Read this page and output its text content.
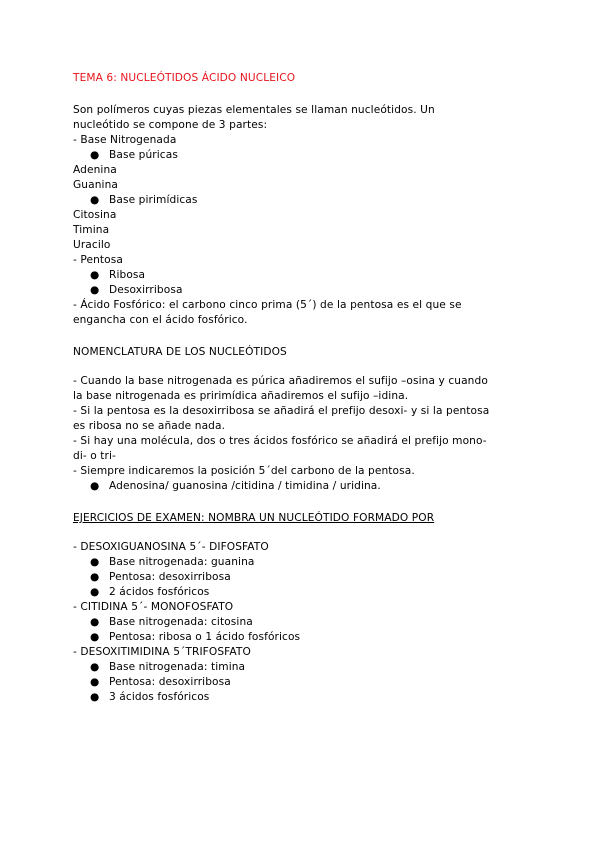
TEMA 6: NUCLEÓTIDOS ÁCIDO NUCLEICO
Son polímeros cuyas piezas elementales se llaman nucleótidos. Un
nucleótido se compone de 3 partes:
- Base Nitrogenada
● Base púricas
Adenina
Guanina
● Base pirimídicas
Citosina
Timina
Uracilo
- Pentosa
● Ribosa
● Desoxirribosa
- Ácido Fosfórico: el carbono cinco prima (5´) de la pentosa es el que se
engancha con el ácido fosfórico.
NOMENCLATURA DE LOS NUCLEÓTIDOS
- Cuando la base nitrogenada es púrica añadiremos el sufijo –osina y cuando
la base nitrogenada es pririmídica añadiremos el sufijo –idina.
- Si la pentosa es la desoxirribosa se añadirá el prefijo desoxi- y si la pentosa
es ribosa no se añade nada.
- Si hay una molécula, dos o tres ácidos fosfórico se añadirá el prefijo mono-
di- o tri-
- Siempre indicaremos la posición 5´del carbono de la pentosa.
● Adenosina/ guanosina /citidina / timidina / uridina.
EJERCICIOS DE EXAMEN: NOMBRA UN NUCLEÓTIDO FORMADO POR
- DESOXIGUANOSINA 5´- DIFOSFATO
● Base nitrogenada: guanina
● Pentosa: desoxirribosa
● 2 ácidos fosfóricos
- CITIDINA 5´- MONOFOSFATO
● Base nitrogenada: citosina
● Pentosa: ribosa o 1 ácido fosfóricos
- DESOXITIMIDINA 5´TRIFOSFATO
● Base nitrogenada: timina
● Pentosa: desoxirribosa
● 3 ácidos fosfóricos
